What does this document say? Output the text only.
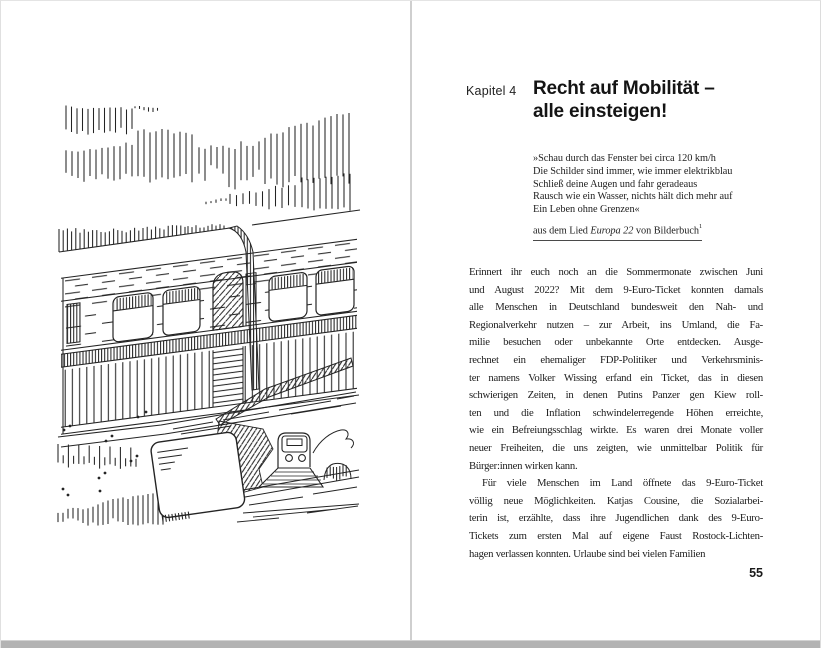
Kapitel 4 Recht auf Mobilität –
alle einsteigen!
»Schau durch das Fenster bei circa 120 km/h
Die Schilder sind immer, wie immer elektrikblau
Schließ deine Augen und fahr geradeaus
Rausch wie ein Wasser, nichts hält dich mehr auf
Ein Leben ohne Grenzen«
aus dem Lied Europa 22 von Bilderbuch$^1$
Erinnert ihr euch noch an die Sommermonate zwischen Juni
und August 2022? Mit dem 9-Euro-Ticket konnten damals
alle Menschen in Deutschland bundesweit den Nah- und
Regionalverkehr nutzen – zur Arbeit, ins Umland, die Fa-
milie besuchen oder unbekannte Orte entdecken. Ausge-
rechnet ein ehemaliger FDP-Politiker und Verkehrsminis-
ter namens Volker Wissing erfand ein Ticket, das in diesen
schwierigen Zeiten, in denen Putins Panzer gen Kiew roll-
ten und die Inflation schwindelerregende Höhen erreichte,
wie ein Befreiungsschlag wirkte. Es waren drei Monate voller
neuer Freiheiten, die uns zeigten, wie unmittelbar Politik für
Bürger:innen wirken kann.
Für viele Menschen im Land öffnete das 9-Euro-Ticket
völlig neue Möglichkeiten. Katjas Cousine, die Sozialarbei-
terin ist, erzählte, dass ihre Jugendlichen dank des 9-Euro-
Tickets zum ersten Mal auf eigene Faust Rostock-Lichten-
hagen verlassen konnten. Urlaube sind bei vielen Familien
55
